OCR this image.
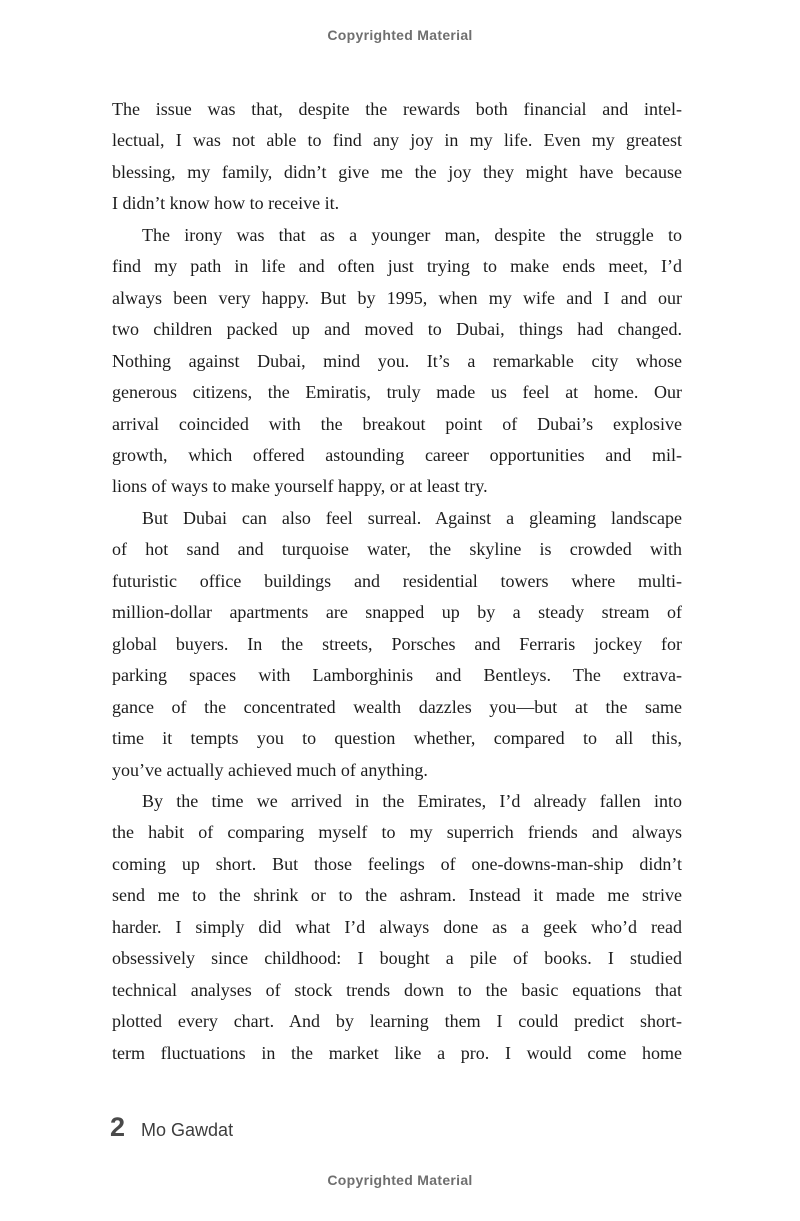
Copyrighted Material
The issue was that, despite the rewards both financial and intel-
lectual, I was not able to find any joy in my life. Even my greatest
blessing, my family, didn’t give me the joy they might have because
I didn’t know how to receive it.
The irony was that as a younger man, despite the struggle to
find my path in life and often just trying to make ends meet, I’d
always been very happy. But by 1995, when my wife and I and our
two children packed up and moved to Dubai, things had changed.
Nothing against Dubai, mind you. It’s a remarkable city whose
generous citizens, the Emiratis, truly made us feel at home. Our
arrival coincided with the breakout point of Dubai’s explosive
growth, which offered astounding career opportunities and mil-
lions of ways to make yourself happy, or at least try.
But Dubai can also feel surreal. Against a gleaming landscape
of hot sand and turquoise water, the skyline is crowded with
futuristic office buildings and residential towers where multi-
million-dollar apartments are snapped up by a steady stream of
global buyers. In the streets, Porsches and Ferraris jockey for
parking spaces with Lamborghinis and Bentleys. The extrava-
gance of the concentrated wealth dazzles you—but at the same
time it tempts you to question whether, compared to all this,
you’ve actually achieved much of anything.
By the time we arrived in the Emirates, I’d already fallen into
the habit of comparing myself to my superrich friends and always
coming up short. But those feelings of one-downs-man-ship didn’t
send me to the shrink or to the ashram. Instead it made me strive
harder. I simply did what I’d always done as a geek who’d read
obsessively since childhood: I bought a pile of books. I studied
technical analyses of stock trends down to the basic equations that
plotted every chart. And by learning them I could predict short-
term fluctuations in the market like a pro. I would come home
2 Mo Gawdat
Copyrighted Material
